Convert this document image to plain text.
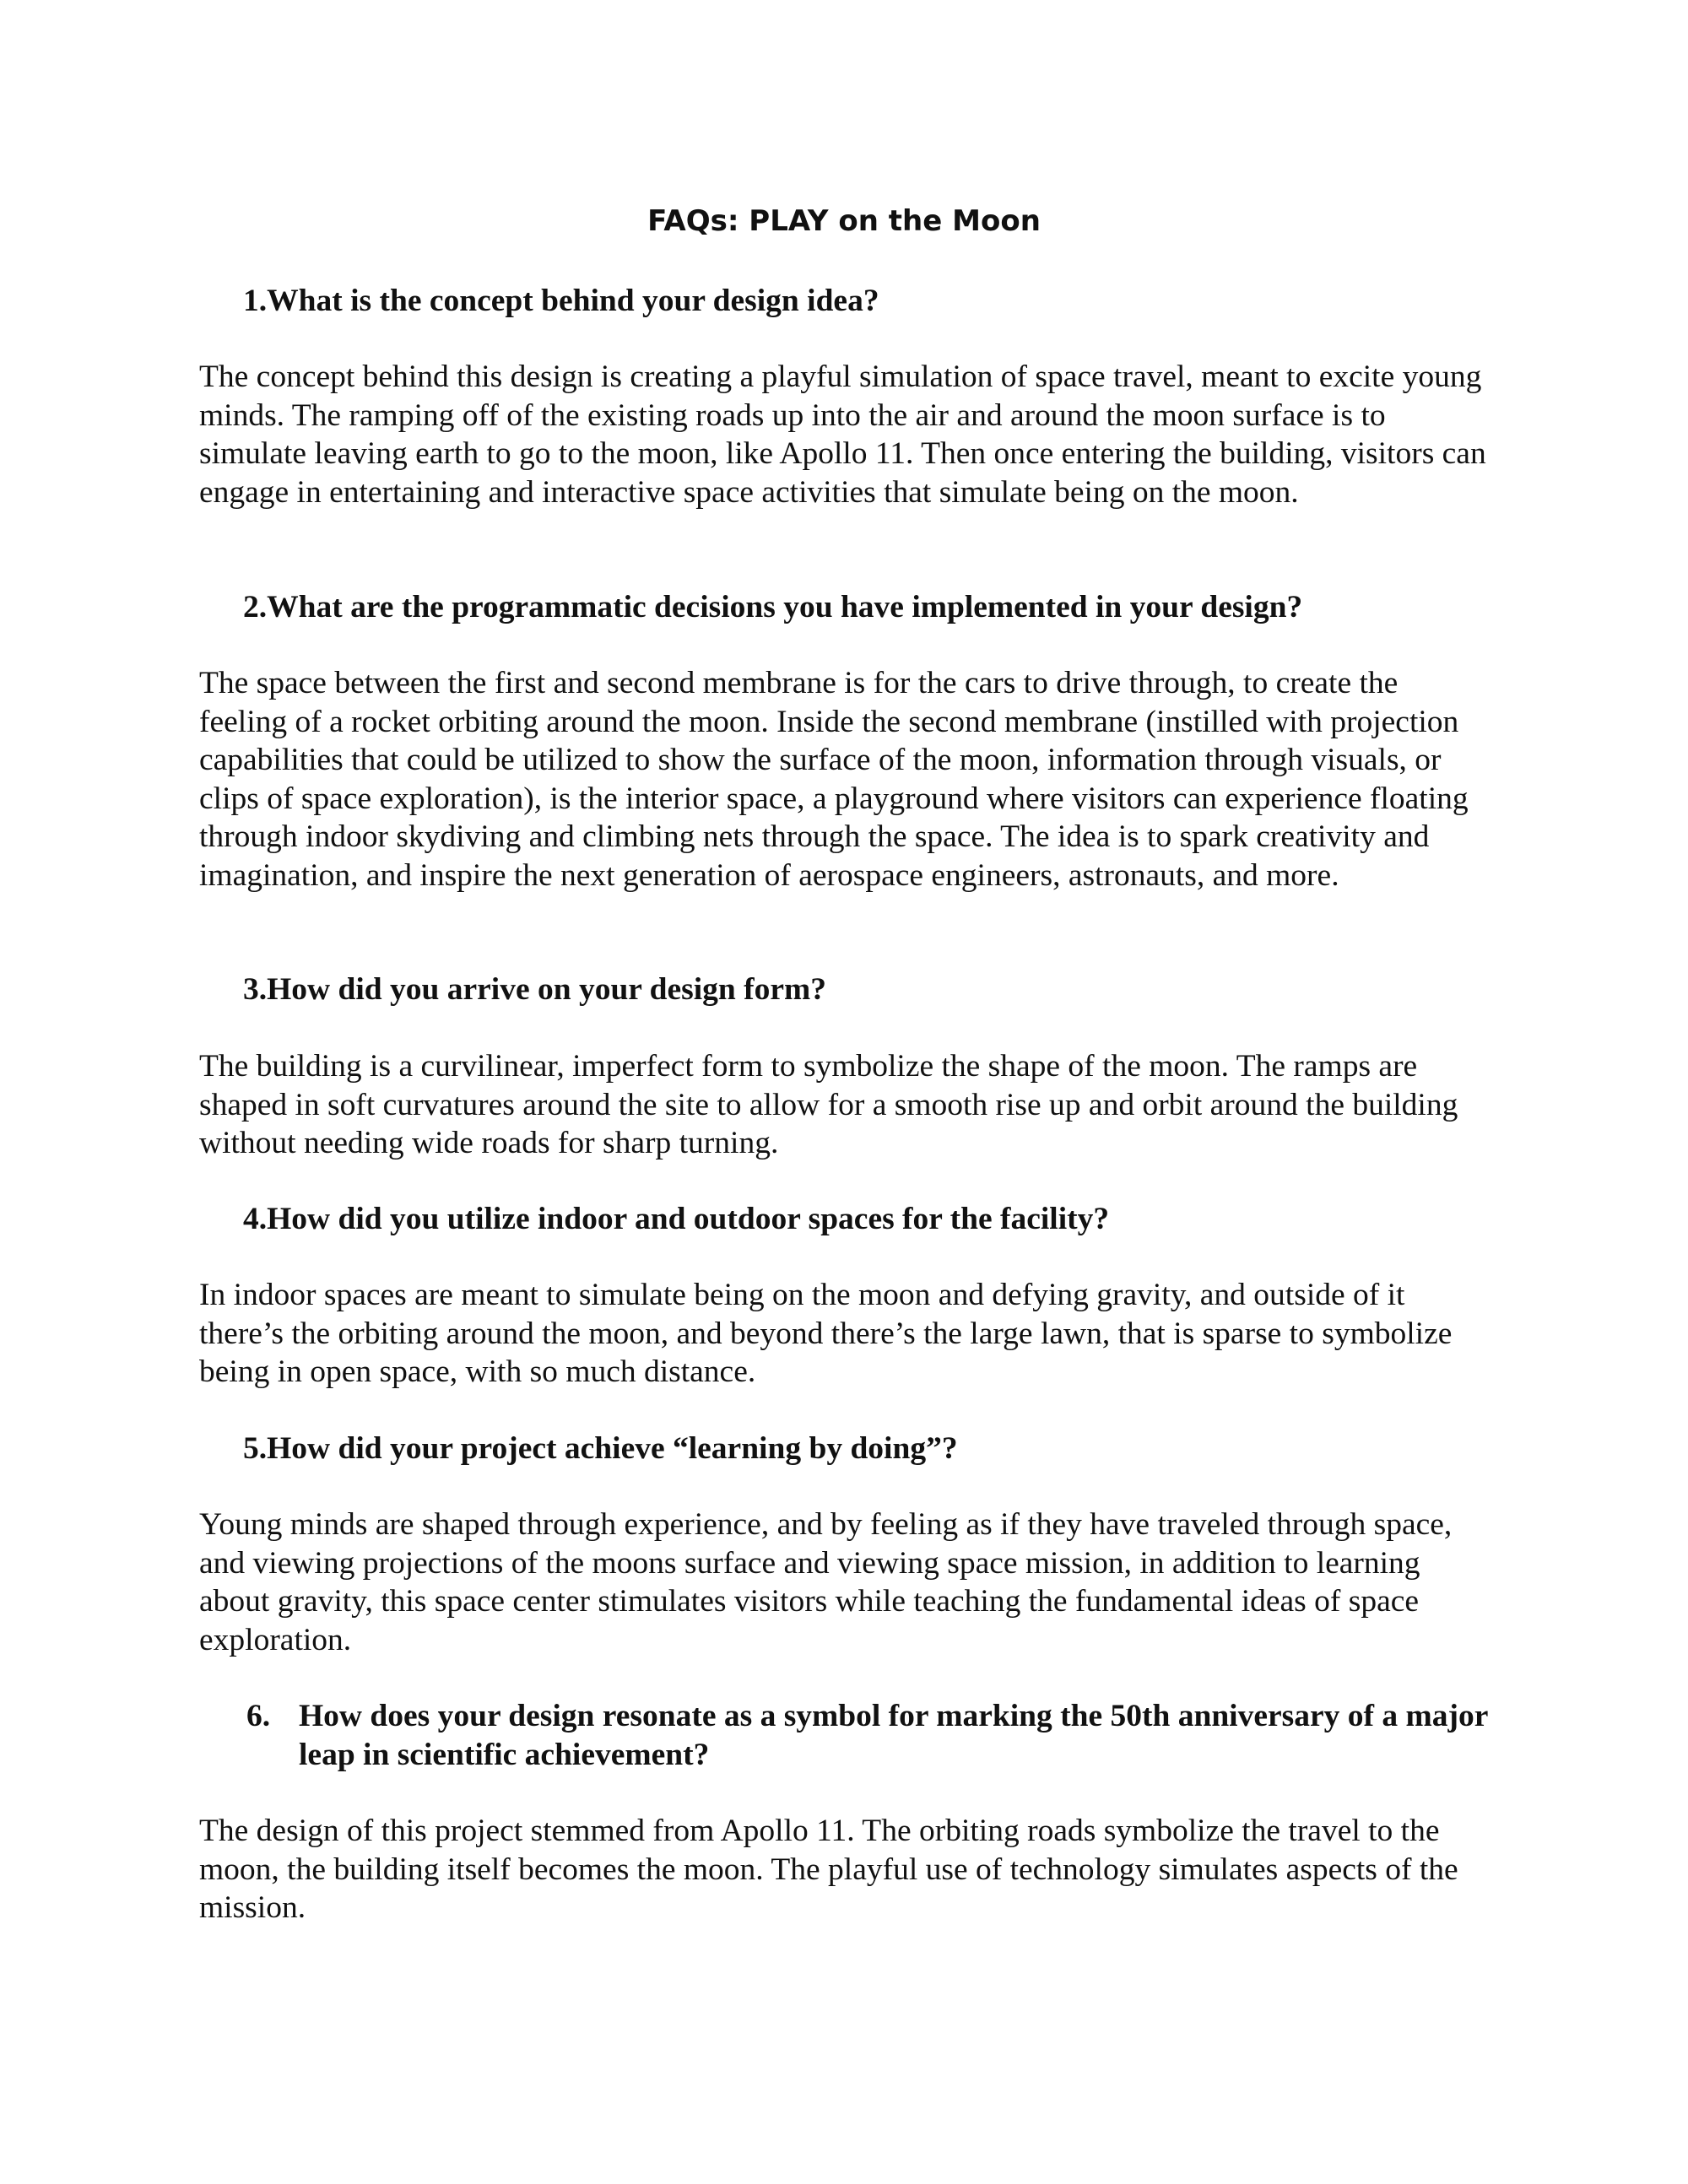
FAQs: PLAY on the Moon
1. What is the concept behind your design idea?

The concept behind this design is creating a playful simulation of space travel, meant to excite young minds. The ramping off of the existing roads up into the air and around the moon surface is to simulate leaving earth to go to the moon, like Apollo 11. Then once entering the building, visitors can engage in entertaining and interactive space activities that simulate being on the moon.

2. What are the programmatic decisions you have implemented in your design?

The space between the first and second membrane is for the cars to drive through, to create the feeling of a rocket orbiting around the moon. Inside the second membrane (instilled with projection capabilities that could be utilized to show the surface of the moon, information through visuals, or clips of space exploration), is the interior space, a playground where visitors can experience floating through indoor skydiving and climbing nets through the space. The idea is to spark creativity and imagination, and inspire the next generation of aerospace engineers, astronauts, and more.

3. How did you arrive on your design form?

The building is a curvilinear, imperfect form to symbolize the shape of the moon. The ramps are shaped in soft curvatures around the site to allow for a smooth rise up and orbit around the building without needing wide roads for sharp turning.

4. How did you utilize indoor and outdoor spaces for the facility?

In indoor spaces are meant to simulate being on the moon and defying gravity, and outside of it there’s the orbiting around the moon, and beyond there’s the large lawn, that is sparse to symbolize being in open space, with so much distance.

5. How did your project achieve “learning by doing”?

Young minds are shaped through experience, and by feeling as if they have traveled through space, and viewing projections of the moons surface and viewing space mission, in addition to learning about gravity, this space center stimulates visitors while teaching the fundamental ideas of space exploration.

6. How does your design resonate as a symbol for marking the 50th anniversary of a major leap in scientific achievement?

The design of this project stemmed from Apollo 11. The orbiting roads symbolize the travel to the moon, the building itself becomes the moon. The playful use of technology simulates aspects of the mission.
